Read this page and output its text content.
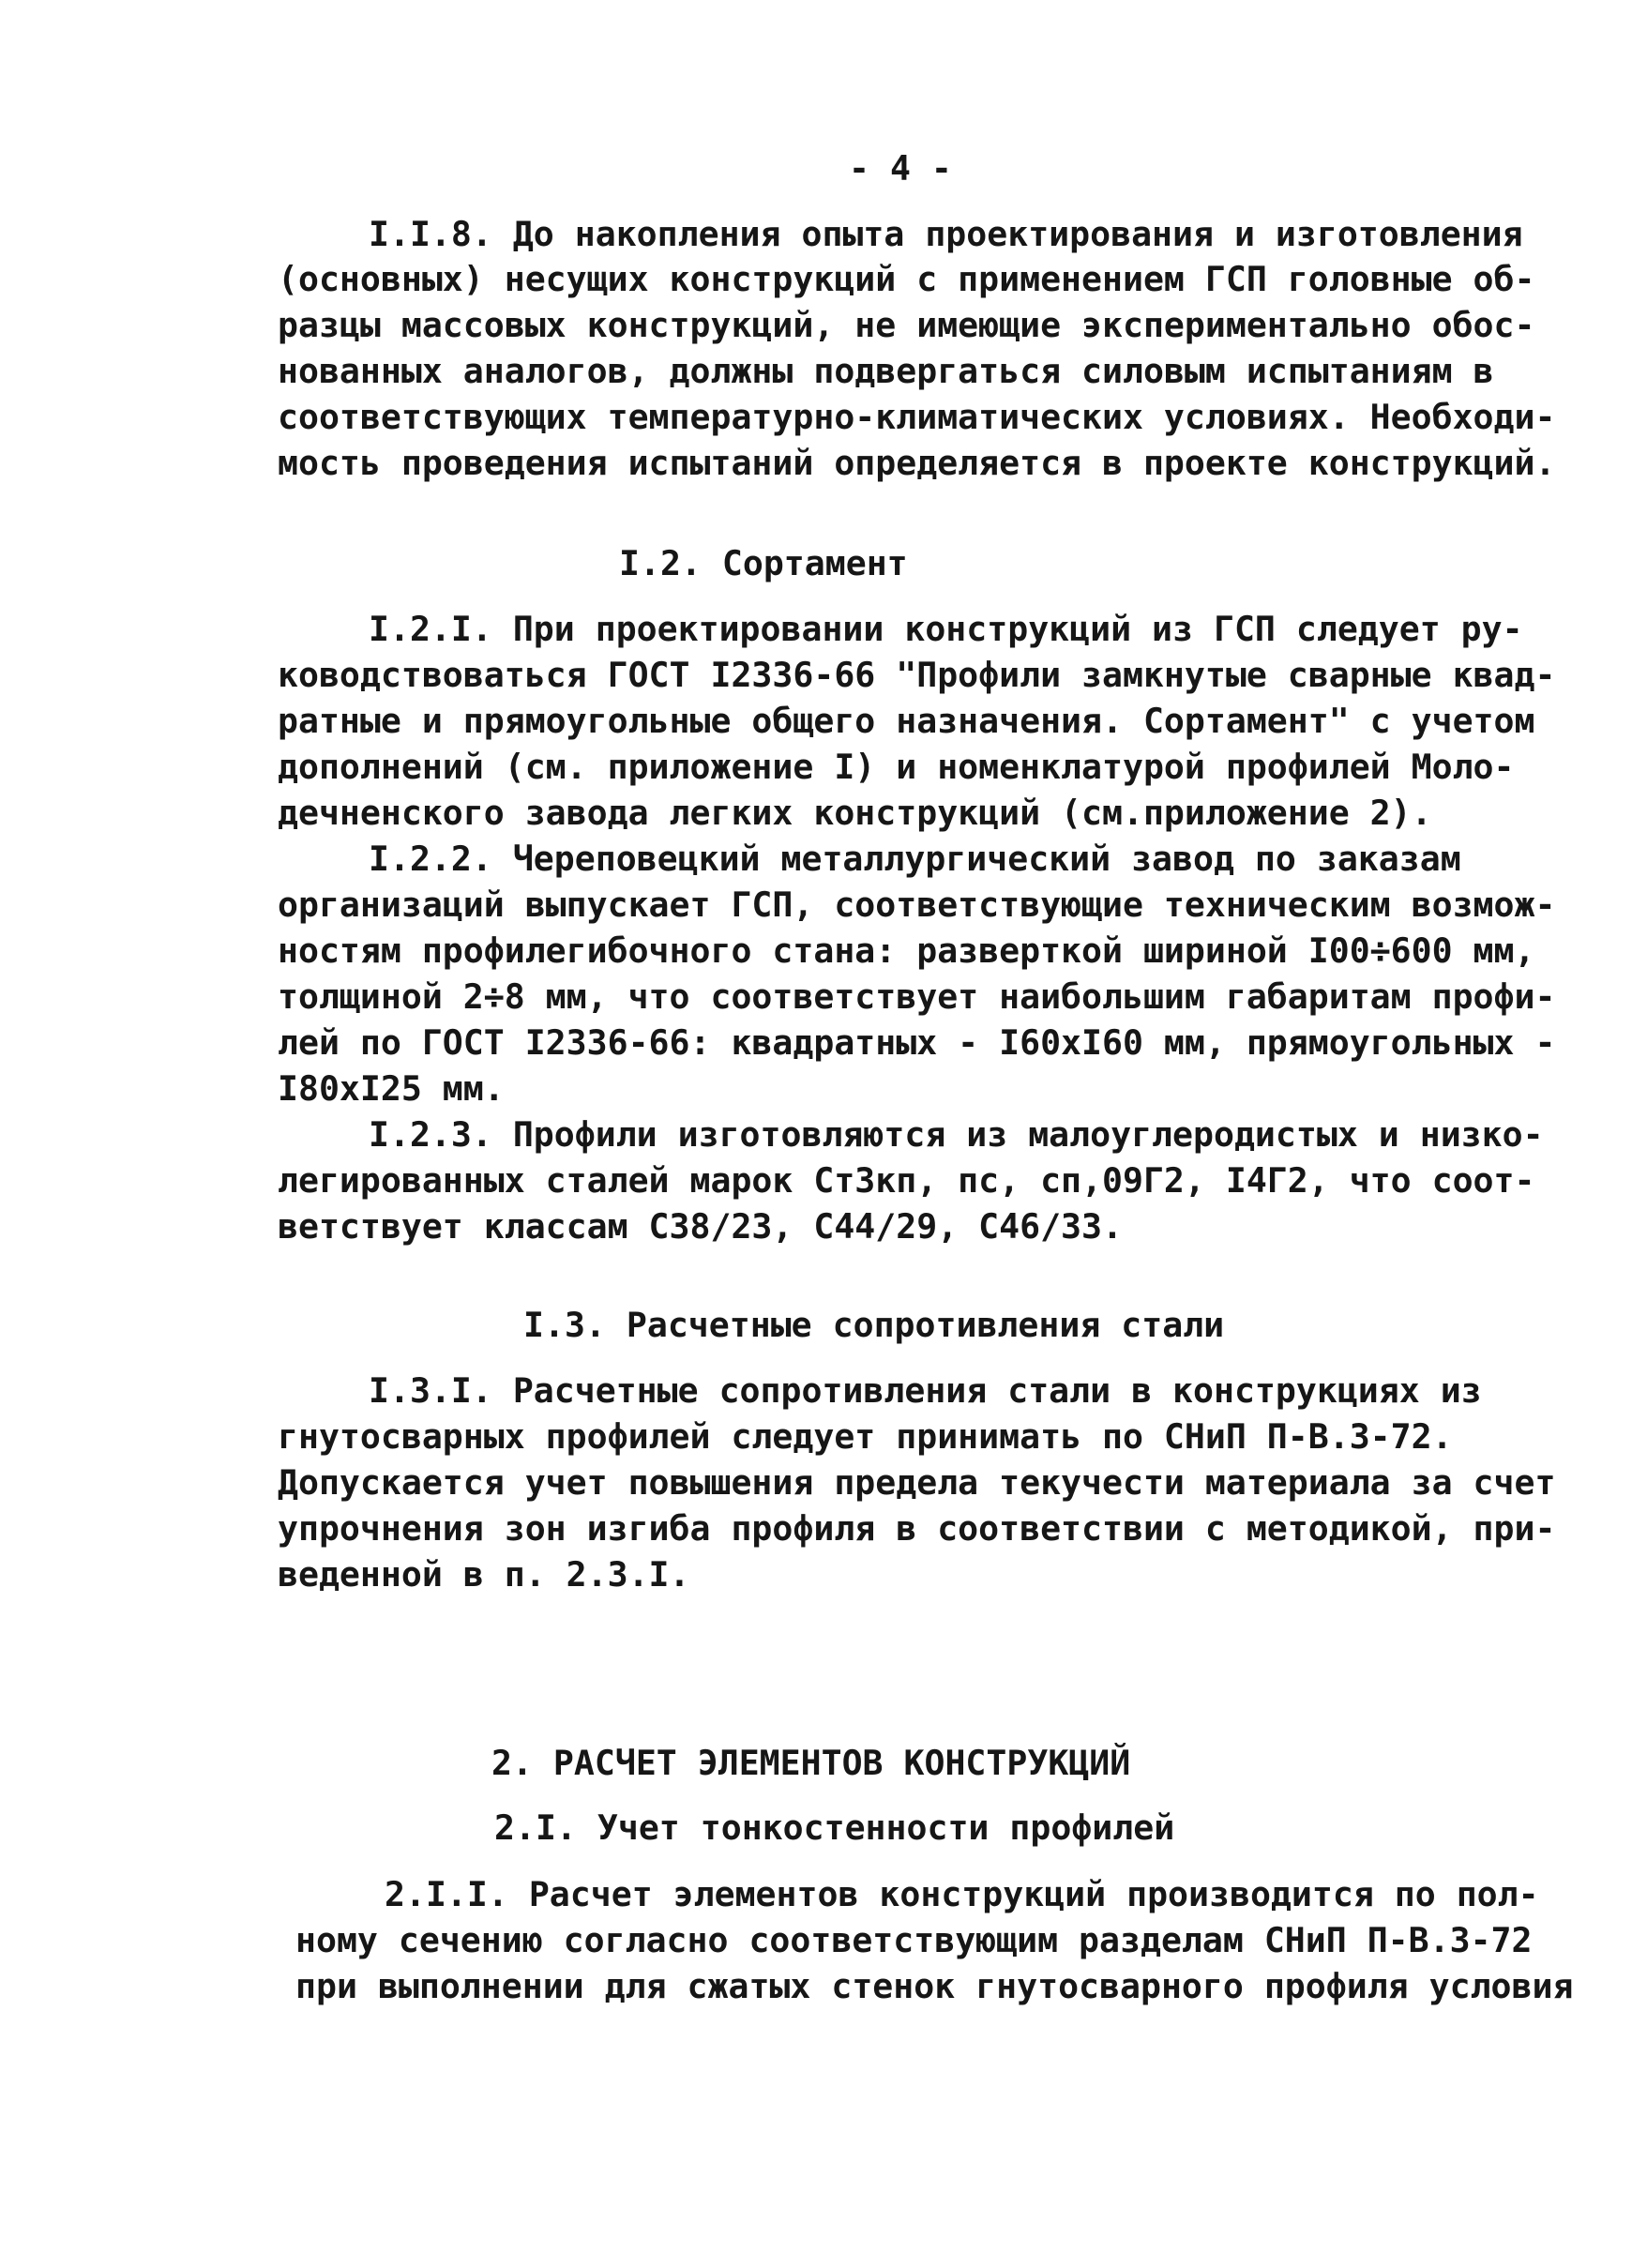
- 4 -
I.I.8. До накопления опыта проектирования и изготовления
(основных) несущих конструкций с применением ГСП головные об-
разцы массовых конструкций, не имеющие экспериментально обос-
нованных аналогов, должны подвергаться силовым испытаниям в
соответствующих температурно-климатических условиях. Необходи-
мость проведения испытаний определяется в проекте конструкций.
I.2. Сортамент
I.2.I. При проектировании конструкций из ГСП следует ру-
ководствоваться ГОСТ I2336-66 "Профили замкнутые сварные квад-
ратные и прямоугольные общего назначения. Сортамент" с учетом
дополнений (см. приложение I) и номенклатурой профилей Моло-
дечненского завода легких конструкций (см.приложение 2).
I.2.2. Череповецкий металлургический завод по заказам
организаций выпускает ГСП, соответствующие техническим возмож-
ностям профилегибочного стана: разверткой шириной I00÷600 мм,
толщиной 2÷8 мм, что соответствует наибольшим габаритам профи-
лей по ГОСТ I2336-66: квадратных - I60xI60 мм, прямоугольных -
I80xI25 мм.
I.2.3. Профили изготовляются из малоуглеродистых и низко-
легированных сталей марок Ст3кп, пс, сп,09Г2, I4Г2, что соот-
ветствует классам С38/23, С44/29, С46/33.
I.3. Расчетные сопротивления стали
I.3.I. Расчетные сопротивления стали в конструкциях из
гнутосварных профилей следует принимать по СНиП П-В.3-72.
Допускается учет повышения предела текучести материала за счет
упрочнения зон изгиба профиля в соответствии с методикой, при-
веденной в п. 2.3.I.
2. РАСЧЕТ ЭЛЕМЕНТОВ КОНСТРУКЦИЙ
2.I. Учет тонкостенности профилей
2.I.I. Расчет элементов конструкций производится по пол-
ному сечению согласно соответствующим разделам СНиП П-В.3-72
при выполнении для сжатых стенок гнутосварного профиля условия
